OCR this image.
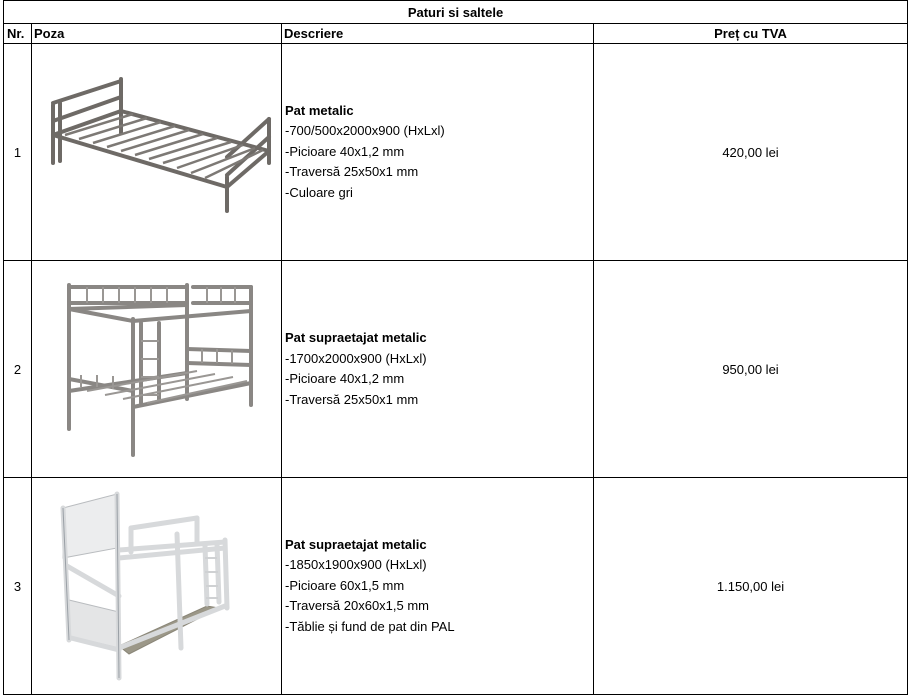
Paturi si saltele			
Nr.	Poza	Descriere	Preț cu TVA
1		Pat metalic
-700/500x2000x900 (HxLxl)
-Picioare 40x1,2 mm
-Traversă 25x50x1 mm
-Culoare gri	420,00 lei
2		Pat supraetajat metalic
-1700x2000x900 (HxLxl)
-Picioare 40x1,2 mm
-Traversă 25x50x1 mm	950,00 lei
3		Pat supraetajat metalic
-1850x1900x900 (HxLxl)
-Picioare 60x1,5 mm
-Traversă 20x60x1,5 mm
-Tăblie și fund de pat din PAL	1.150,00 lei
